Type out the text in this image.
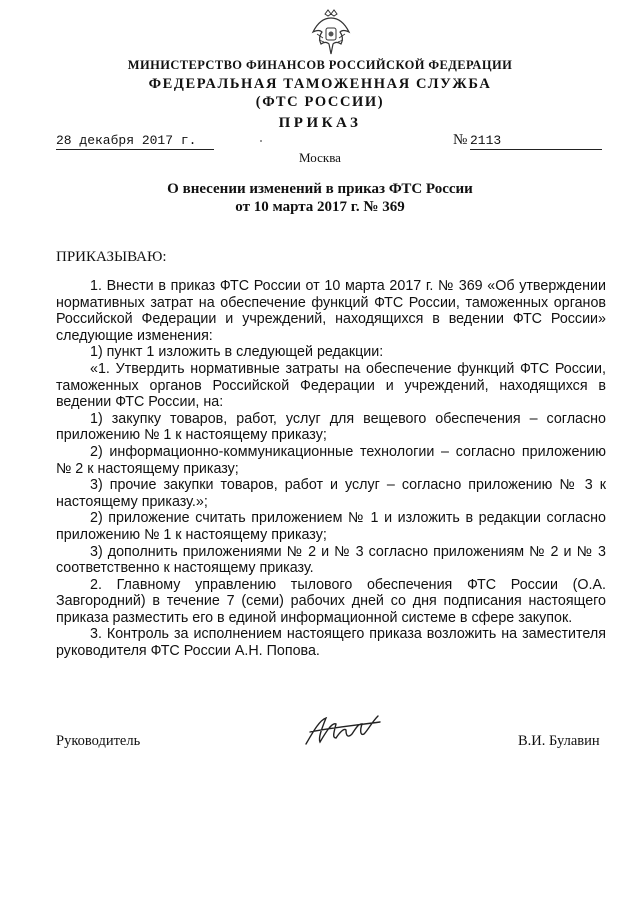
МИНИСТЕРСТВО ФИНАНСОВ РОССИЙСКОЙ ФЕДЕРАЦИИ
ФЕДЕРАЛЬНАЯ ТАМОЖЕННАЯ СЛУЖБА
(ФТС РОССИИ)
ПРИКАЗ
28 декабря 2017 г.	№ 2113
Москва
О внесении изменений в приказ ФТС России
от 10 марта 2017 г. № 369
ПРИКАЗЫВАЮ:

1. Внести в приказ ФТС России от 10 марта 2017 г. № 369 «Об утверждении нормативных затрат на обеспечение функций ФТС России, таможенных органов Российской Федерации и учреждений, находящихся в ведении ФТС России» следующие изменения:

1) пункт 1 изложить в следующей редакции:

«1. Утвердить нормативные затраты на обеспечение функций ФТС России, таможенных органов Российской Федерации и учреждений, находящихся в ведении ФТС России, на:

1) закупку товаров, работ, услуг для вещевого обеспечения – согласно приложению № 1 к настоящему приказу;

2) информационно-коммуникационные технологии – согласно приложению № 2 к настоящему приказу;

3) прочие закупки товаров, работ и услуг – согласно приложению № 3 к настоящему приказу.»;

2) приложение считать приложением № 1 и изложить в редакции согласно приложению № 1 к настоящему приказу;

3) дополнить приложениями № 2 и № 3 согласно приложениям № 2 и № 3 соответственно к настоящему приказу.

2. Главному управлению тылового обеспечения ФТС России (О.А. Завгородний) в течение 7 (семи) рабочих дней со дня подписания настоящего приказа разместить его в единой информационной системе в сфере закупок.

3. Контроль за исполнением настоящего приказа возложить на заместителя руководителя ФТС России А.Н. Попова.

Руководитель	В.И. Булавин
